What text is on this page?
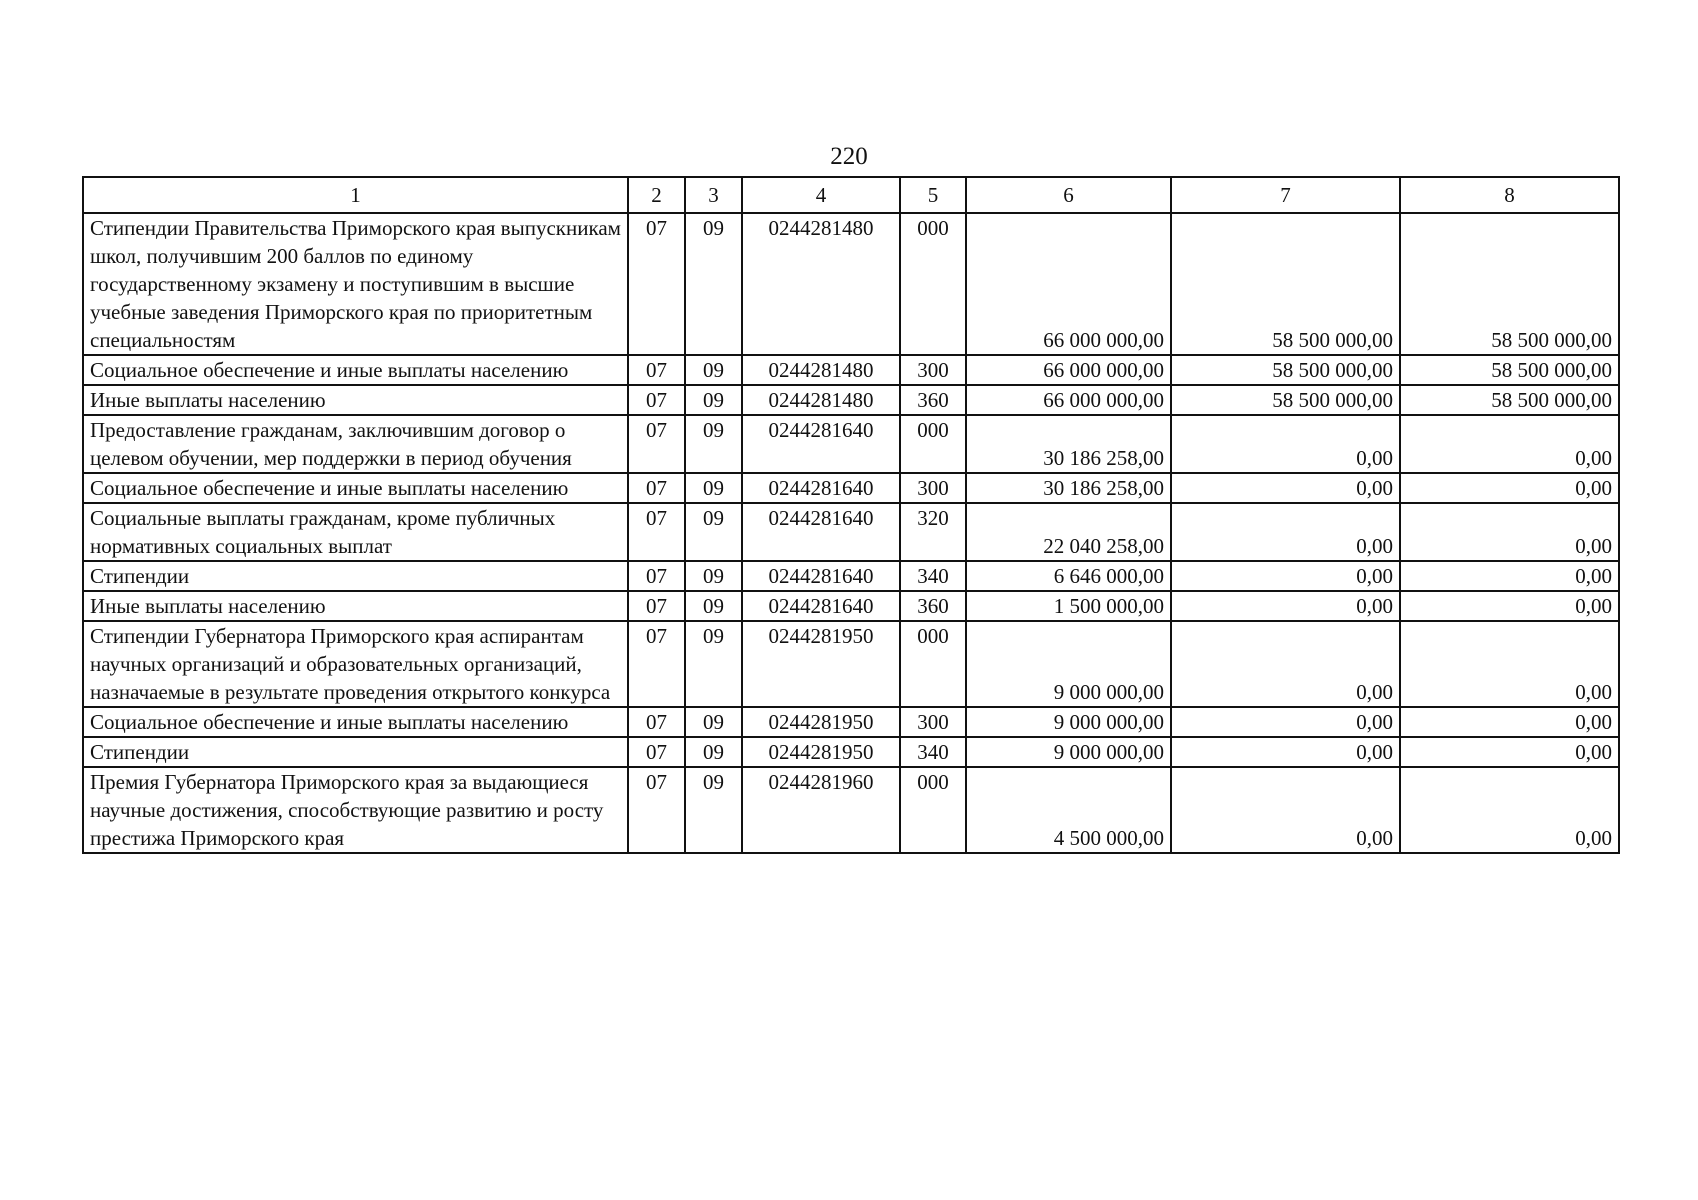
220
1	2	3	4	5	6	7	8
Стипендии Правительства Приморского края выпускникам школ, получившим 200 баллов по единому государственному экзамену и поступившим в высшие учебные заведения Приморского края по приоритетным специальностям	07	09	0244281480	000	66 000 000,00	58 500 000,00	58 500 000,00
Социальное обеспечение и иные выплаты населению	07	09	0244281480	300	66 000 000,00	58 500 000,00	58 500 000,00
Иные выплаты населению	07	09	0244281480	360	66 000 000,00	58 500 000,00	58 500 000,00
Предоставление гражданам, заключившим договор о целевом обучении, мер поддержки в период обучения	07	09	0244281640	000	30 186 258,00	0,00	0,00
Социальное обеспечение и иные выплаты населению	07	09	0244281640	300	30 186 258,00	0,00	0,00
Социальные выплаты гражданам, кроме публичных нормативных социальных выплат	07	09	0244281640	320	22 040 258,00	0,00	0,00
Стипендии	07	09	0244281640	340	6 646 000,00	0,00	0,00
Иные выплаты населению	07	09	0244281640	360	1 500 000,00	0,00	0,00
Стипендии Губернатора Приморского края аспирантам научных организаций и образовательных организаций, назначаемые в результате проведения открытого конкурса	07	09	0244281950	000	9 000 000,00	0,00	0,00
Социальное обеспечение и иные выплаты населению	07	09	0244281950	300	9 000 000,00	0,00	0,00
Стипендии	07	09	0244281950	340	9 000 000,00	0,00	0,00
Премия Губернатора Приморского края за выдающиеся научные достижения, способствующие развитию и росту престижа Приморского края	07	09	0244281960	000	4 500 000,00	0,00	0,00
